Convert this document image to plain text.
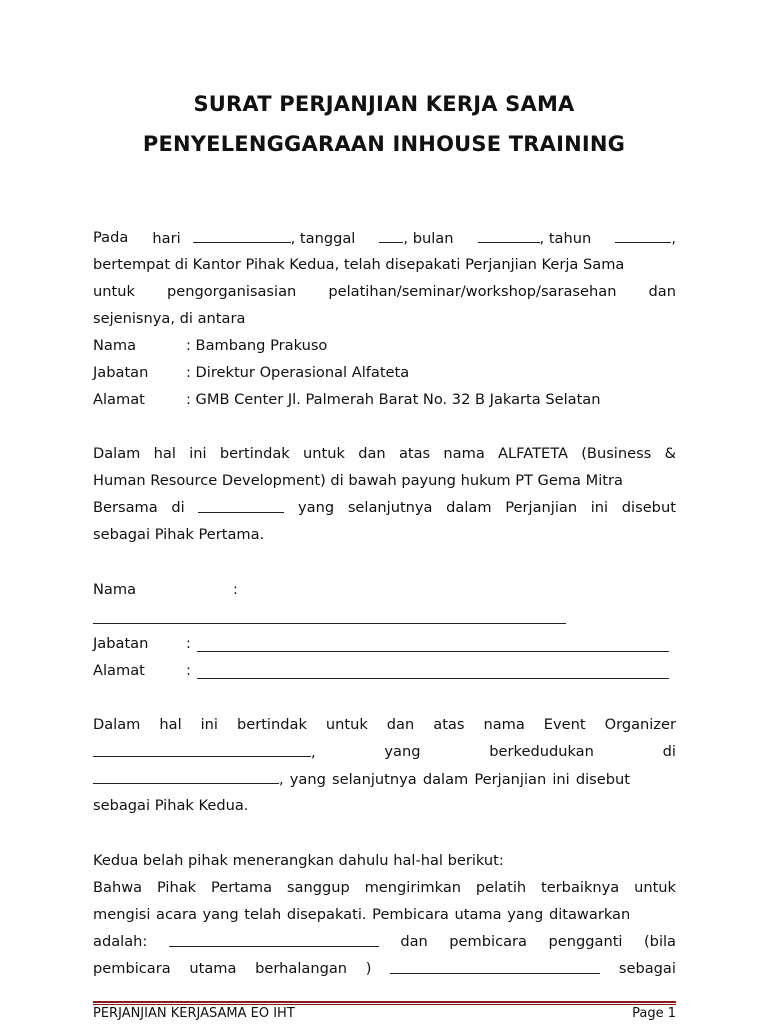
SURAT PERJANJIAN KERJA SAMA
PENYELENGGARAAN INHOUSE TRAINING
Pada hari	, tanggal	, bulan	, tahun	,
bertempat di Kantor Pihak Kedua, telah disepakati Perjanjian Kerja Sama
untuk pengorganisasian pelatihan/seminar/workshop/sarasehan dan
sejenisnya, di antara
Nama	: Bambang Prakuso
Jabatan	: Direktur Operasional Alfateta
Alamat	: GMB Center Jl. Palmerah Barat No. 32 B Jakarta Selatan
Dalam hal ini bertindak untuk dan atas nama ALFATETA (Business &
Human Resource Development) di bawah payung hukum PT Gema Mitra
Bersama di	yang selanjutnya dalam Perjanjian ini disebut
sebagai Pihak Pertama.
Nama	:
Jabatan	:
Alamat	:
Dalam hal ini bertindak untuk dan atas nama Event Organizer
,	yang	berkedudukan	di
, yang selanjutnya dalam Perjanjian ini disebut
sebagai Pihak Kedua.
Kedua belah pihak menerangkan dahulu hal-hal berikut:
Bahwa Pihak Pertama sanggup mengirimkan pelatih terbaiknya untuk
mengisi acara yang telah disepakati. Pembicara utama yang ditawarkan
adalah:	dan pembicara pengganti (bila
pembicara utama berhalangan )	sebagai
PERJANJIAN KERJASAMA EO IHT	Page 1
